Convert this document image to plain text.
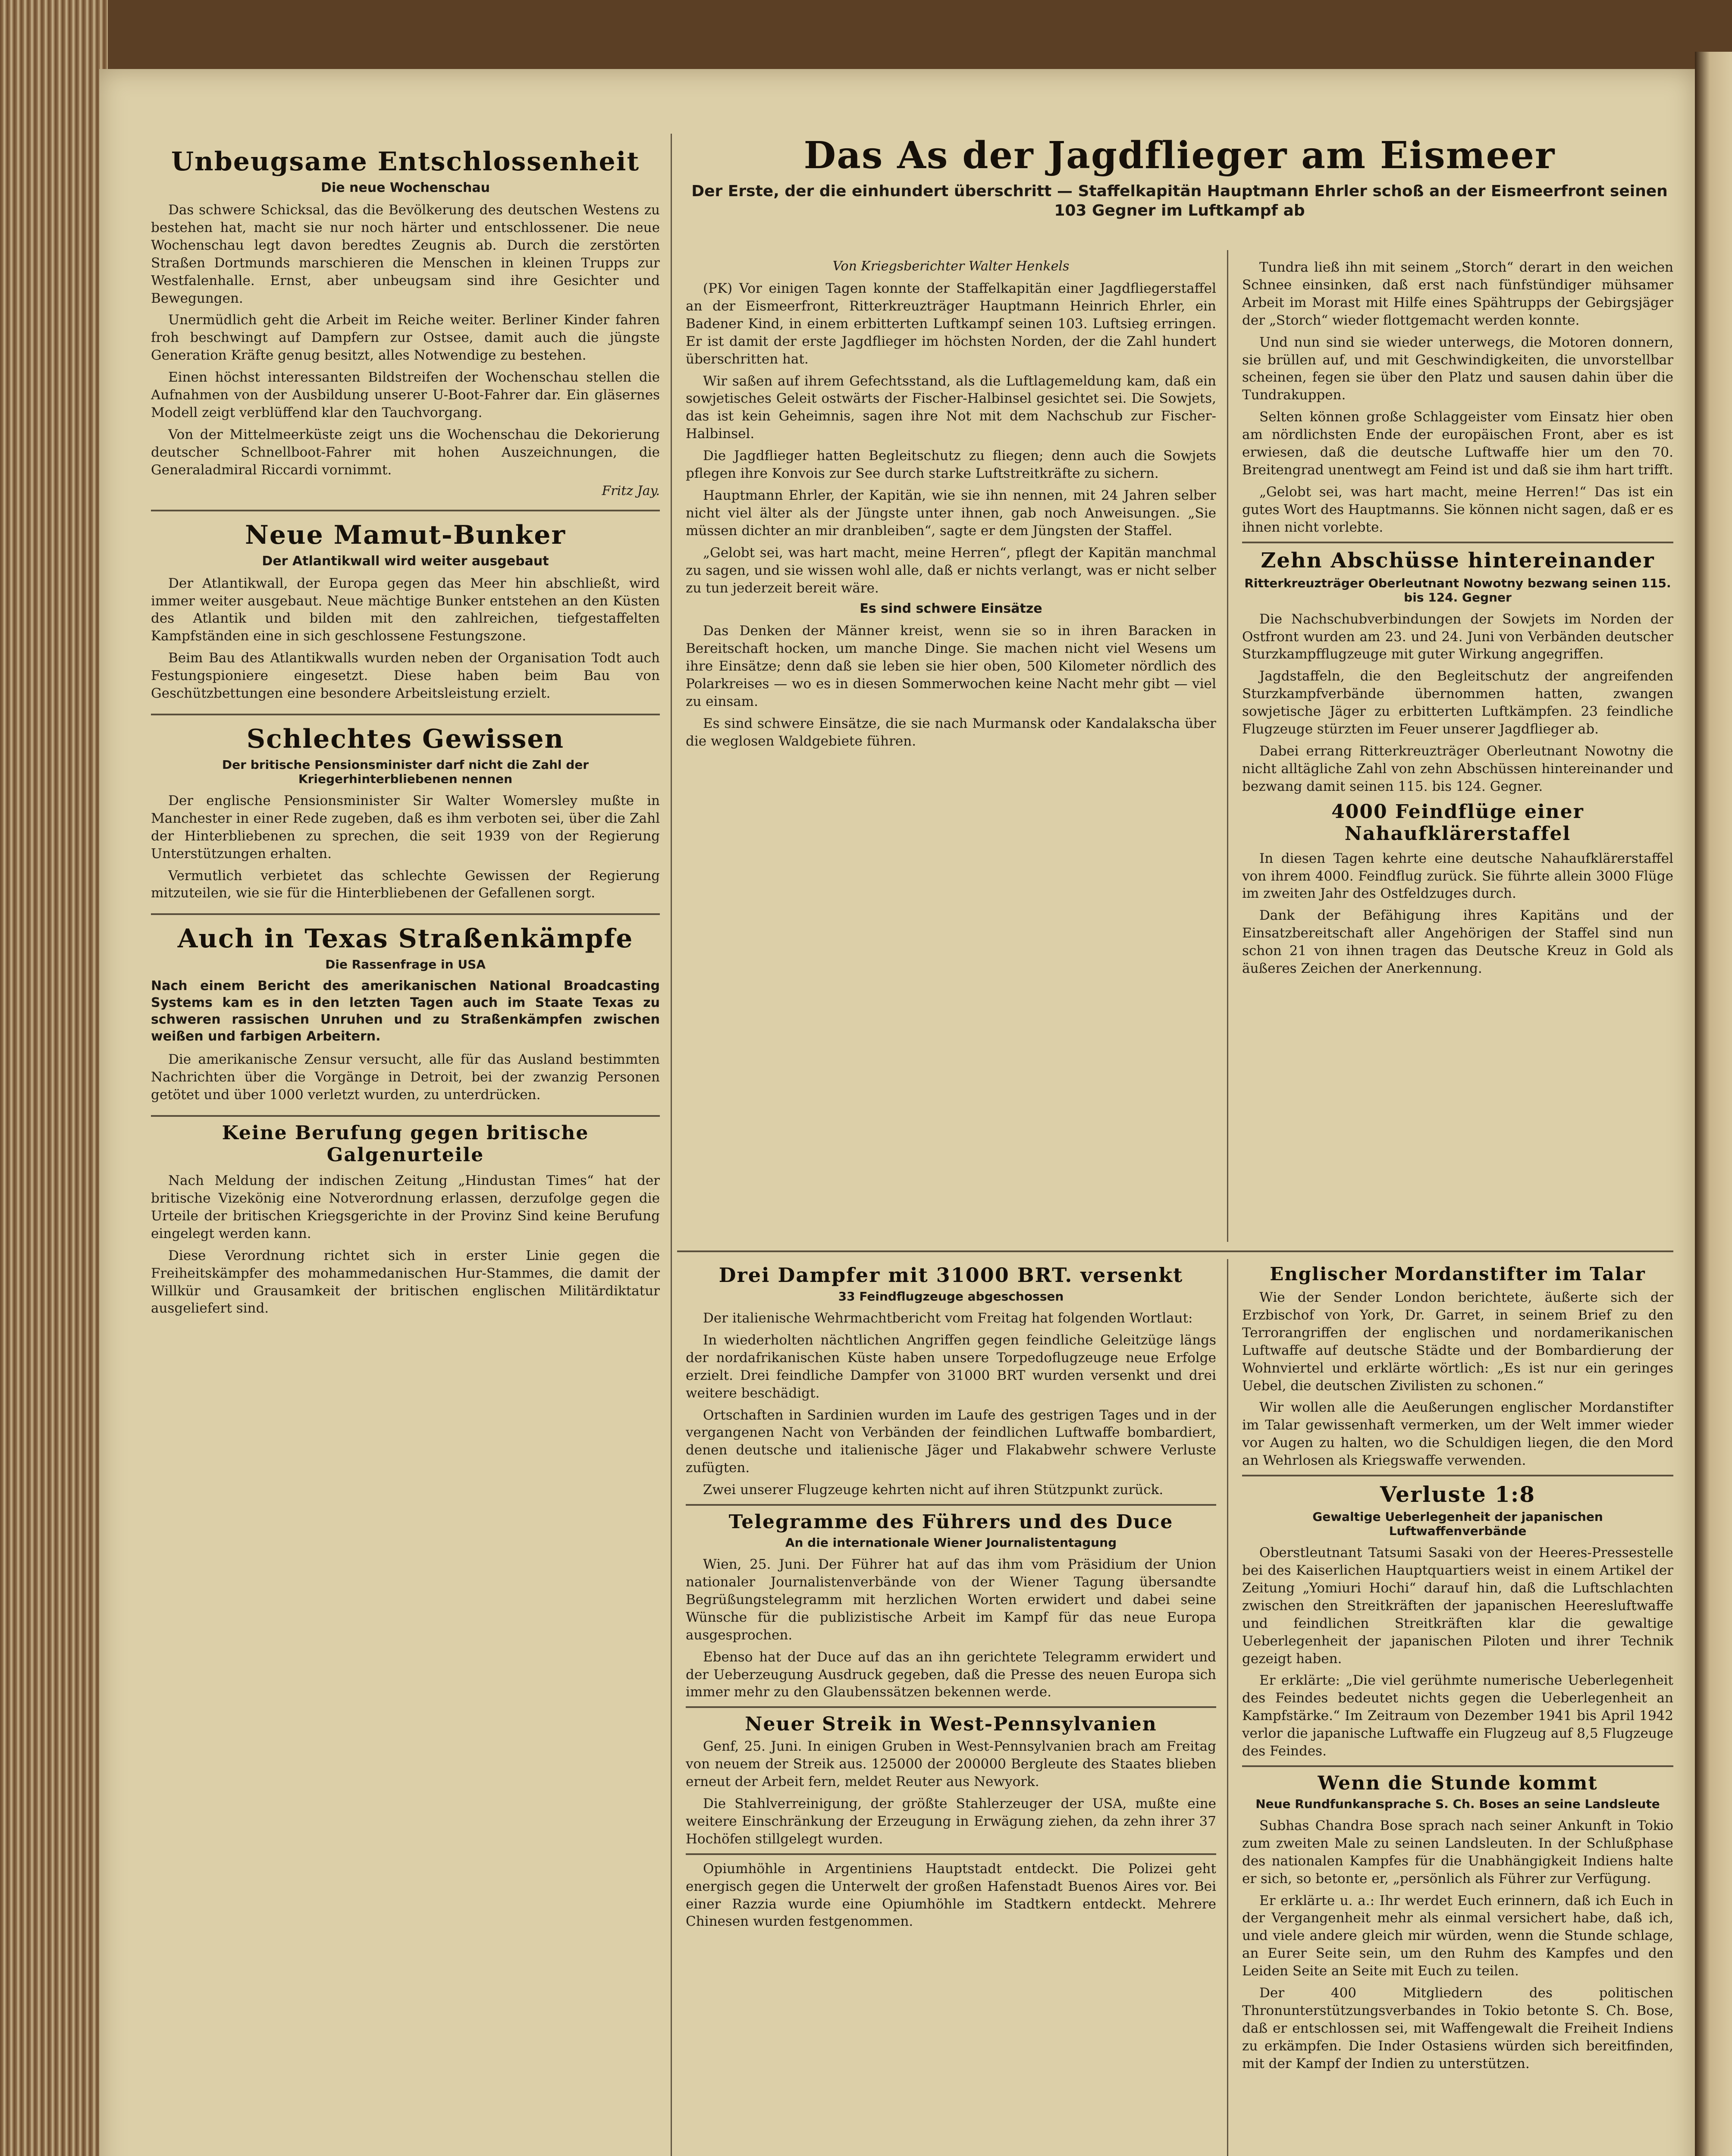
Unbeugsame Entschlossenheit
Die neue Wochenschau

Das schwere Schicksal, das die Bevölkerung des deutschen Westens zu bestehen hat, macht sie nur noch härter und entschlossener. Die neue Wochenschau legt davon beredtes Zeugnis ab. Durch die zerstörten Straßen Dortmunds marschieren die Menschen in kleinen Trupps zur Westfalenhalle. Ernst, aber unbeugsam sind ihre Gesichter und Bewegungen.

Unermüdlich geht die Arbeit im Reiche weiter. Berliner Kinder fahren froh beschwingt auf Dampfern zur Ostsee, damit auch die jüngste Generation Kräfte genug besitzt, alles Notwendige zu bestehen.

Einen höchst interessanten Bildstreifen der Wochenschau stellen die Aufnahmen von der Ausbildung unserer U-Boot-Fahrer dar. Ein gläsernes Modell zeigt verblüffend klar den Tauchvorgang.

Von der Mittelmeerküste zeigt uns die Wochenschau die Dekorierung deutscher Schnellboot-Fahrer mit hohen Auszeichnungen, die Generaladmiral Riccardi vornimmt.

Fritz Jay.
Neue Mamut-Bunker
Der Atlantikwall wird weiter ausgebaut

Der Atlantikwall, der Europa gegen das Meer hin abschließt, wird immer weiter ausgebaut. Neue mächtige Bunker entstehen an den Küsten des Atlantik und bilden mit den zahlreichen, tiefgestaffelten Kampfständen eine in sich geschlossene Festungszone.

Beim Bau des Atlantikwalls wurden neben der Organisation Todt auch Festungspioniere eingesetzt. Diese haben beim Bau von Geschützbettungen eine besondere Arbeitsleistung erzielt.

Schlechtes Gewissen
Der britische Pensionsminister darf nicht die Zahl der Kriegerhinterbliebenen nennen

Der englische Pensionsminister Sir Walter Womersley mußte in Manchester in einer Rede zugeben, daß es ihm verboten sei, über die Zahl der Hinterbliebenen zu sprechen, die seit 1939 von der Regierung Unterstützungen erhalten.

Vermutlich verbietet das schlechte Gewissen der Regierung mitzuteilen, wie sie für die Hinterbliebenen der Gefallenen sorgt.

Auch in Texas Straßenkämpfe
Die Rassenfrage in USA
Nach einem Bericht des amerikanischen National Broadcasting Systems kam es in den letzten Tagen auch im Staate Texas zu schweren rassischen Unruhen und zu Straßenkämpfen zwischen weißen und farbigen Arbeitern.

Die amerikanische Zensur versucht, alle für das Ausland bestimmten Nachrichten über die Vorgänge in Detroit, bei der zwanzig Personen getötet und über 1000 verletzt wurden, zu unterdrücken.

Keine Berufung gegen britische Galgenurteile

Nach Meldung der indischen Zeitung „Hindustan Times“ hat der britische Vizekönig eine Notverordnung erlassen, derzufolge gegen die Urteile der britischen Kriegsgerichte in der Provinz Sind keine Berufung eingelegt werden kann.

Diese Verordnung richtet sich in erster Linie gegen die Freiheitskämpfer des mohammedanischen Hur-Stammes, die damit der Willkür und Grausamkeit der britischen englischen Militärdiktatur ausgeliefert sind.

Das As der Jagdflieger am Eismeer
Der Erste, der die einhundert überschritt — Staffelkapitän Hauptmann Ehrler schoß an der Eismeerfront seinen 103 Gegner im Luftkampf ab
Von Kriegsberichter Walter Henkels

(PK) Vor einigen Tagen konnte der Staffelkapitän einer Jagdfliegerstaffel an der Eismeerfront, Ritterkreuzträger Hauptmann Heinrich Ehrler, ein Badener Kind, in einem erbitterten Luftkampf seinen 103. Luftsieg erringen. Er ist damit der erste Jagdflieger im höchsten Norden, der die Zahl hundert überschritten hat.

Wir saßen auf ihrem Gefechtsstand, als die Luftlagemeldung kam, daß ein sowjetisches Geleit ostwärts der Fischer-Halbinsel gesichtet sei. Die Sowjets, das ist kein Geheimnis, sagen ihre Not mit dem Nachschub zur Fischer-Halbinsel.

Die Jagdflieger hatten Begleitschutz zu fliegen; denn auch die Sowjets pflegen ihre Konvois zur See durch starke Luftstreitkräfte zu sichern.

Hauptmann Ehrler, der Kapitän, wie sie ihn nennen, mit 24 Jahren selber nicht viel älter als der Jüngste unter ihnen, gab noch Anweisungen. „Sie müssen dichter an mir dranbleiben“, sagte er dem Jüngsten der Staffel.

„Gelobt sei, was hart macht, meine Herren“, pflegt der Kapitän manchmal zu sagen, und sie wissen wohl alle, daß er nichts verlangt, was er nicht selber zu tun jederzeit bereit wäre.

Es sind schwere Einsätze

Das Denken der Männer kreist, wenn sie so in ihren Baracken in Bereitschaft hocken, um manche Dinge. Sie machen nicht viel Wesens um ihre Einsätze; denn daß sie leben sie hier oben, 500 Kilometer nördlich des Polarkreises — wo es in diesen Sommerwochen keine Nacht mehr gibt — viel zu einsam.

Es sind schwere Einsätze, die sie nach Murmansk oder Kandalakscha über die weglosen Waldgebiete führen.

Tundra ließ ihn mit seinem „Storch“ derart in den weichen Schnee einsinken, daß erst nach fünfstündiger mühsamer Arbeit im Morast mit Hilfe eines Spähtrupps der Gebirgsjäger der „Storch“ wieder flottgemacht werden konnte.

Und nun sind sie wieder unterwegs, die Motoren donnern, sie brüllen auf, und mit Geschwindigkeiten, die unvorstellbar scheinen, fegen sie über den Platz und sausen dahin über die Tundrakuppen.

Selten können große Schlaggeister vom Einsatz hier oben am nördlichsten Ende der europäischen Front, aber es ist erwiesen, daß die deutsche Luftwaffe hier um den 70. Breitengrad unentwegt am Feind ist und daß sie ihm hart trifft.

„Gelobt sei, was hart macht, meine Herren!“ Das ist ein gutes Wort des Hauptmanns. Sie können nicht sagen, daß er es ihnen nicht vorlebte.

Zehn Abschüsse hintereinander
Ritterkreuzträger Oberleutnant Nowotny bezwang seinen 115. bis 124. Gegner

Die Nachschubverbindungen der Sowjets im Norden der Ostfront wurden am 23. und 24. Juni von Verbänden deutscher Sturzkampfflugzeuge mit guter Wirkung angegriffen.

Jagdstaffeln, die den Begleitschutz der angreifenden Sturzkampfverbände übernommen hatten, zwangen sowjetische Jäger zu erbitterten Luftkämpfen. 23 feindliche Flugzeuge stürzten im Feuer unserer Jagdflieger ab.

Dabei errang Ritterkreuzträger Oberleutnant Nowotny die nicht alltägliche Zahl von zehn Abschüssen hintereinander und bezwang damit seinen 115. bis 124. Gegner.

4000 Feindflüge einer Nahaufklärerstaffel

In diesen Tagen kehrte eine deutsche Nahaufklärerstaffel von ihrem 4000. Feindflug zurück. Sie führte allein 3000 Flüge im zweiten Jahr des Ostfeldzuges durch.

Dank der Befähigung ihres Kapitäns und der Einsatzbereitschaft aller Angehörigen der Staffel sind nun schon 21 von ihnen tragen das Deutsche Kreuz in Gold als äußeres Zeichen der Anerkennung.

Drei Dampfer mit 31000 BRT. versenkt
33 Feindflugzeuge abgeschossen

Der italienische Wehrmachtbericht vom Freitag hat folgenden Wortlaut:

In wiederholten nächtlichen Angriffen gegen feindliche Geleitzüge längs der nordafrikanischen Küste haben unsere Torpedoflugzeuge neue Erfolge erzielt. Drei feindliche Dampfer von 31000 BRT wurden versenkt und drei weitere beschädigt.

Ortschaften in Sardinien wurden im Laufe des gestrigen Tages und in der vergangenen Nacht von Verbänden der feindlichen Luftwaffe bombardiert, denen deutsche und italienische Jäger und Flakabwehr schwere Verluste zufügten.

Zwei unserer Flugzeuge kehrten nicht auf ihren Stützpunkt zurück.

Telegramme des Führers und des Duce
An die internationale Wiener Journalistentagung

Wien, 25. Juni. Der Führer hat auf das ihm vom Präsidium der Union nationaler Journalistenverbände von der Wiener Tagung übersandte Begrüßungstelegramm mit herzlichen Worten erwidert und dabei seine Wünsche für die publizistische Arbeit im Kampf für das neue Europa ausgesprochen.

Ebenso hat der Duce auf das an ihn gerichtete Telegramm erwidert und der Ueberzeugung Ausdruck gegeben, daß die Presse des neuen Europa sich immer mehr zu den Glaubenssätzen bekennen werde.

Neuer Streik in West-Pennsylvanien

Genf, 25. Juni. In einigen Gruben in West-Pennsylvanien brach am Freitag von neuem der Streik aus. 125000 der 200000 Bergleute des Staates blieben erneut der Arbeit fern, meldet Reuter aus Newyork.

Die Stahlverreinigung, der größte Stahlerzeuger der USA, mußte eine weitere Einschränkung der Erzeugung in Erwägung ziehen, da zehn ihrer 37 Hochöfen stillgelegt wurden.

Opiumhöhle in Argentiniens Hauptstadt entdeckt. Die Polizei geht energisch gegen die Unterwelt der großen Hafenstadt Buenos Aires vor. Bei einer Razzia wurde eine Opiumhöhle im Stadtkern entdeckt. Mehrere Chinesen wurden festgenommen.

Englischer Mordanstifter im Talar

Wie der Sender London berichtete, äußerte sich der Erzbischof von York, Dr. Garret, in seinem Brief zu den Terrorangriffen der englischen und nordamerikanischen Luftwaffe auf deutsche Städte und der Bombardierung der Wohnviertel und erklärte wörtlich: „Es ist nur ein geringes Uebel, die deutschen Zivilisten zu schonen.“

Wir wollen alle die Aeußerungen englischer Mordanstifter im Talar gewissenhaft vermerken, um der Welt immer wieder vor Augen zu halten, wo die Schuldigen liegen, die den Mord an Wehrlosen als Kriegswaffe verwenden.

Verluste 1:8
Gewaltige Ueberlegenheit der japanischen Luftwaffenverbände

Oberstleutnant Tatsumi Sasaki von der Heeres-Pressestelle bei des Kaiserlichen Hauptquartiers weist in einem Artikel der Zeitung „Yomiuri Hochi“ darauf hin, daß die Luftschlachten zwischen den Streitkräften der japanischen Heeresluftwaffe und feindlichen Streitkräften klar die gewaltige Ueberlegenheit der japanischen Piloten und ihrer Technik gezeigt haben.

Er erklärte: „Die viel gerühmte numerische Ueberlegenheit des Feindes bedeutet nichts gegen die Ueberlegenheit an Kampfstärke.“ Im Zeitraum von Dezember 1941 bis April 1942 verlor die japanische Luftwaffe ein Flugzeug auf 8,5 Flugzeuge des Feindes.

Wenn die Stunde kommt
Neue Rundfunkansprache S. Ch. Boses an seine Landsleute

Subhas Chandra Bose sprach nach seiner Ankunft in Tokio zum zweiten Male zu seinen Landsleuten. In der Schlußphase des nationalen Kampfes für die Unabhängigkeit Indiens halte er sich, so betonte er, „persönlich als Führer zur Verfügung.

Er erklärte u. a.: Ihr werdet Euch erinnern, daß ich Euch in der Vergangenheit mehr als einmal versichert habe, daß ich, und viele andere gleich mir würden, wenn die Stunde schlage, an Eurer Seite sein, um den Ruhm des Kampfes und den Leiden Seite an Seite mit Euch zu teilen.

Der 400 Mitgliedern des politischen Thronunterstützungsverbandes in Tokio betonte S. Ch. Bose, daß er entschlossen sei, mit Waffengewalt die Freiheit Indiens zu erkämpfen. Die Inder Ostasiens würden sich bereitfinden, mit der Kampf der Indien zu unterstützen.
